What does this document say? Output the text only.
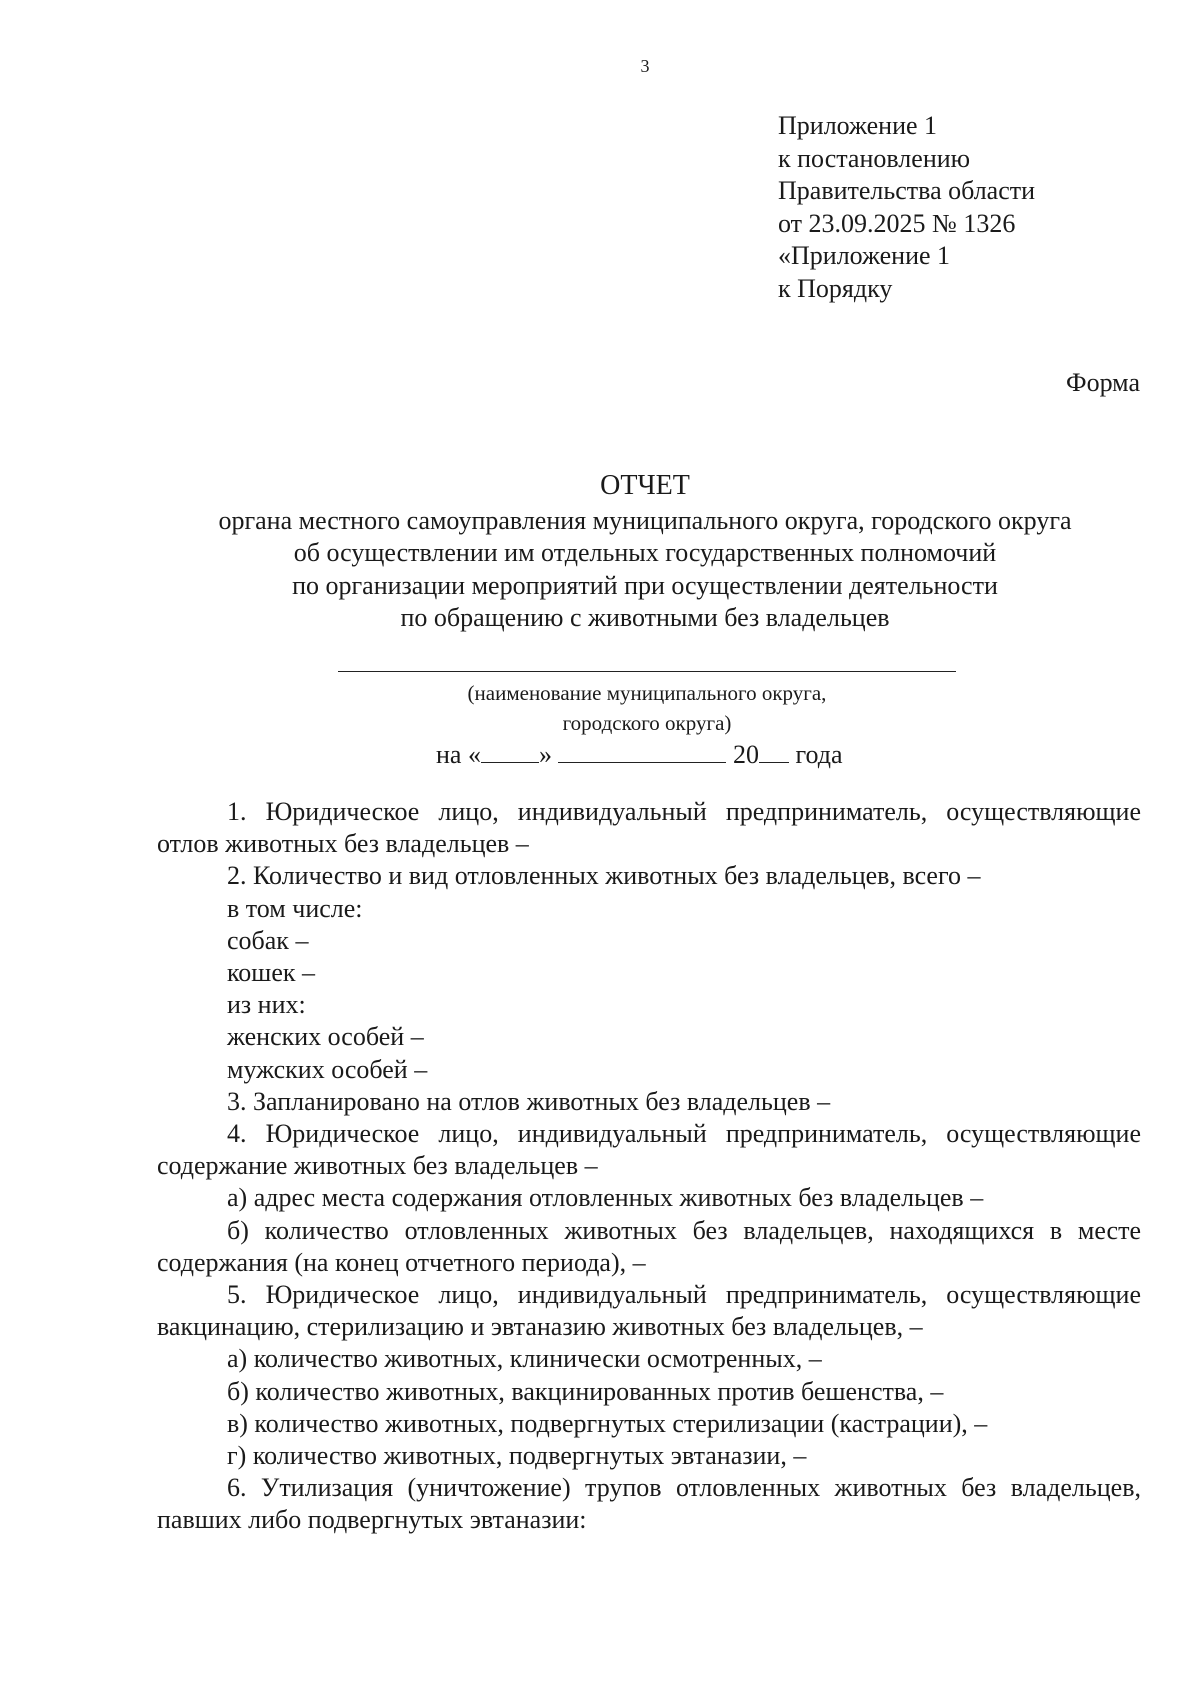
3
Приложение 1
к постановлению
Правительства области
от 23.09.2025 № 1326
«Приложение 1
к Порядку
Форма
ОТЧЕТ
органа местного самоуправления муниципального округа, городского округа
об осуществлении им отдельных государственных полномочий
по организации мероприятий при осуществлении деятельности
по обращению с животными без владельцев
(наименование муниципального округа,
городского округа)
на « »	20 года

1. Юридическое лицо, индивидуальный предприниматель, осуществляющие отлов животных без владельцев –

2. Количество и вид отловленных животных без владельцев, всего –

в том числе:

собак –

кошек –

из них:

женских особей –

мужских особей –

3. Запланировано на отлов животных без владельцев –

4. Юридическое лицо, индивидуальный предприниматель, осуществляющие содержание животных без владельцев –

а) адрес места содержания отловленных животных без владельцев –

б) количество отловленных животных без владельцев, находящихся в месте содержания (на конец отчетного периода), –

5. Юридическое лицо, индивидуальный предприниматель, осуществляющие вакцинацию, стерилизацию и эвтаназию животных без владельцев, –

а) количество животных, клинически осмотренных, –

б) количество животных, вакцинированных против бешенства, –

в) количество животных, подвергнутых стерилизации (кастрации), –

г) количество животных, подвергнутых эвтаназии, –

6. Утилизация (уничтожение) трупов отловленных животных без владельцев, павших либо подвергнутых эвтаназии:
